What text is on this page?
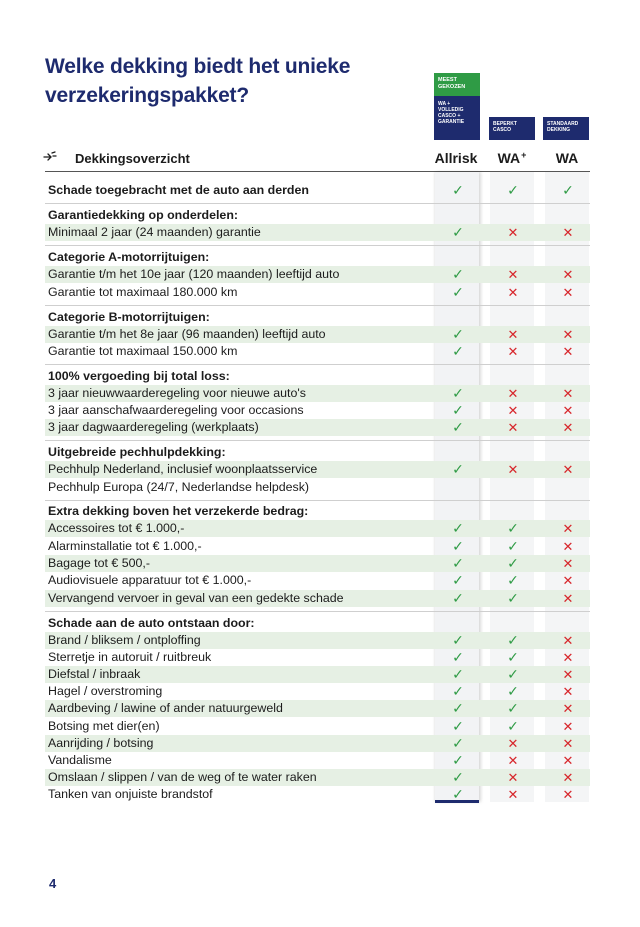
Welke dekking biedt het unieke
verzekeringspakket?
MEEST GEKOZEN
WA + VOLLEDIG CASCO + GARANTIE	BEPERKT CASCO
STANDAARD DEKKING
Dekkingsoverzicht	Allrisk	WA+	WA
Schade toegebracht met de auto aan derden	✓	✓	✓
Garantiedekking op onderdelen:
Minimaal 2 jaar (24 maanden) garantie	✓	✕	✕
Categorie A-motorrijtuigen:
Garantie t/m het 10e jaar (120 maanden) leeftijd auto	✓	✕	✕
Garantie tot maximaal 180.000 km	✓	✕	✕
Categorie B-motorrijtuigen:
Garantie t/m het 8e jaar (96 maanden) leeftijd auto	✓	✕	✕
Garantie tot maximaal 150.000 km	✓	✕	✕
100% vergoeding bij total loss:
3 jaar nieuwwaarderegeling voor nieuwe auto's	✓	✕	✕
3 jaar aanschafwaarderegeling voor occasions	✓	✕	✕
3 jaar dagwaarderegeling (werkplaats)	✓	✕	✕
Uitgebreide pechhulpdekking:
Pechhulp Nederland, inclusief woonplaatsservice	✓	✕	✕
Pechhulp Europa (24/7, Nederlandse helpdesk)
Extra dekking boven het verzekerde bedrag:
Accessoires tot € 1.000,-	✓	✓	✕
Alarminstallatie tot € 1.000,-	✓	✓	✕
Bagage tot € 500,-	✓	✓	✕
Audiovisuele apparatuur tot € 1.000,-	✓	✓	✕
Vervangend vervoer in geval van een gedekte schade	✓	✓	✕
Schade aan de auto ontstaan door:
Brand / bliksem / ontploffing	✓	✓	✕
Sterretje in autoruit / ruitbreuk	✓	✓	✕
Diefstal / inbraak	✓	✓	✕
Hagel / overstroming	✓	✓	✕
Aardbeving / lawine of ander natuurgeweld	✓	✓	✕
Botsing met dier(en)	✓	✓	✕
Aanrijding / botsing	✓	✕	✕
Vandalisme	✓	✕	✕
Omslaan / slippen / van de weg of te water raken	✓	✕	✕
Tanken van onjuiste brandstof	✓	✕	✕
4
